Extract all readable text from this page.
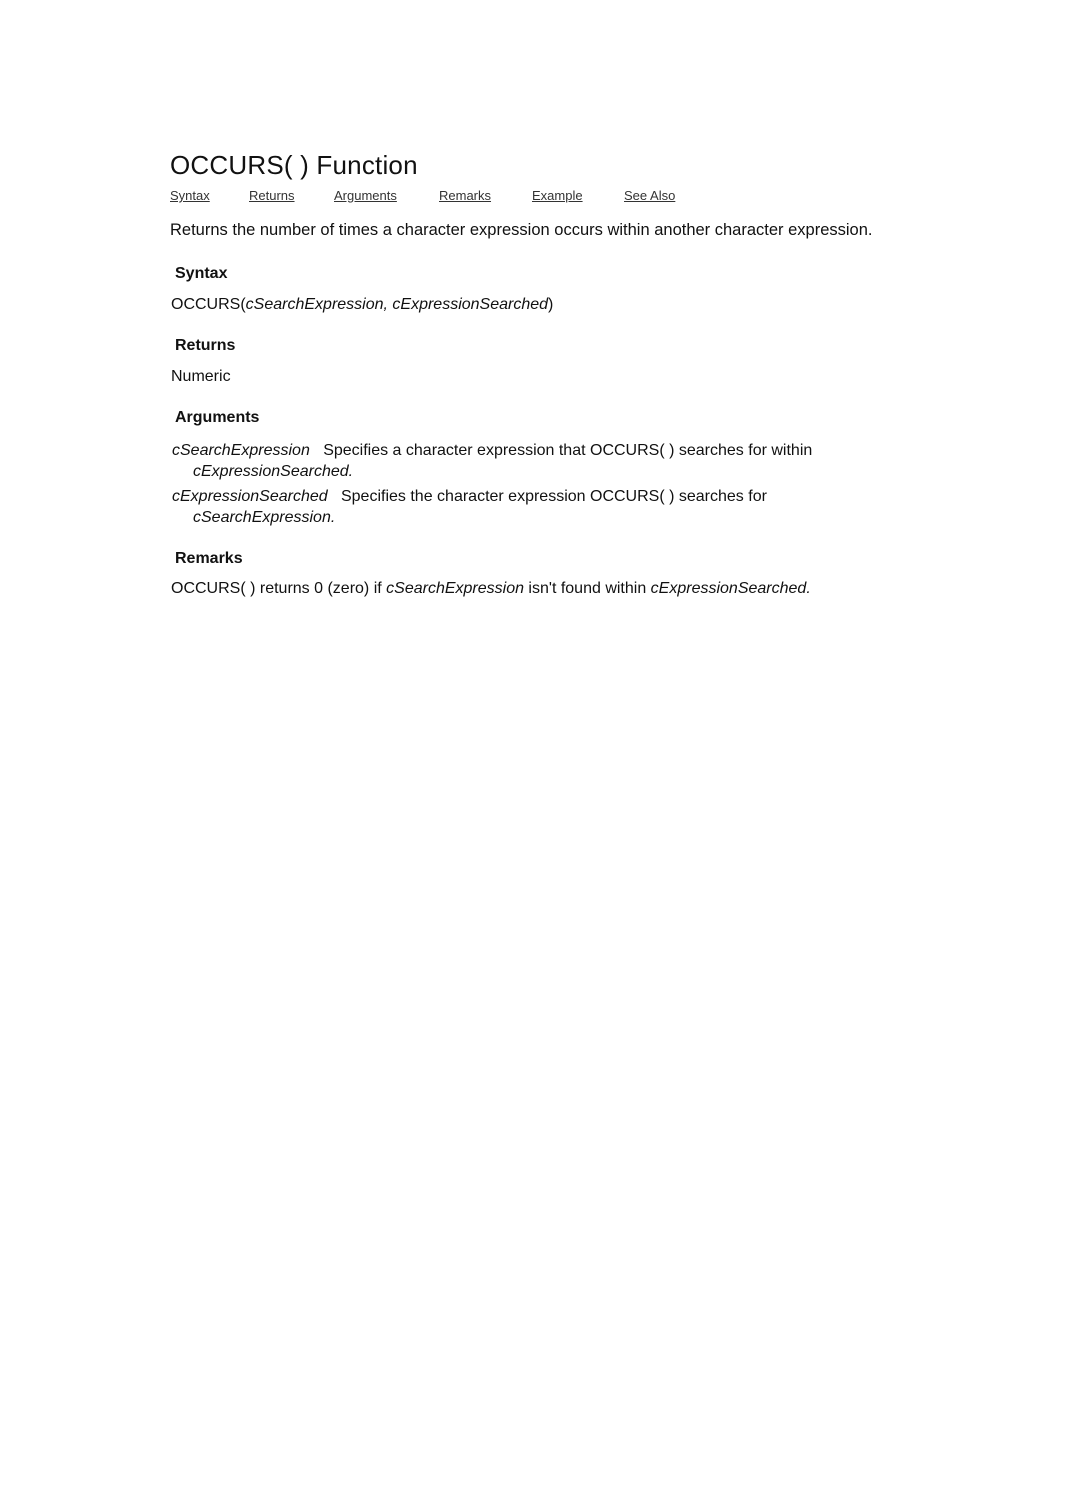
OCCURS( ) Function
Syntax	Returns	Arguments	Remarks	Example	See Also
Returns the number of times a character expression occurs within another character expression.
Syntax
OCCURS(cSearchExpression, cExpressionSearched)
Returns
Numeric
Arguments
cSearchExpression Specifies a character expression that OCCURS( ) searches for within
cExpressionSearched.
cExpressionSearched Specifies the character expression OCCURS( ) searches for
cSearchExpression.
Remarks
OCCURS( ) returns 0 (zero) if cSearchExpression isn't found within cExpressionSearched.
